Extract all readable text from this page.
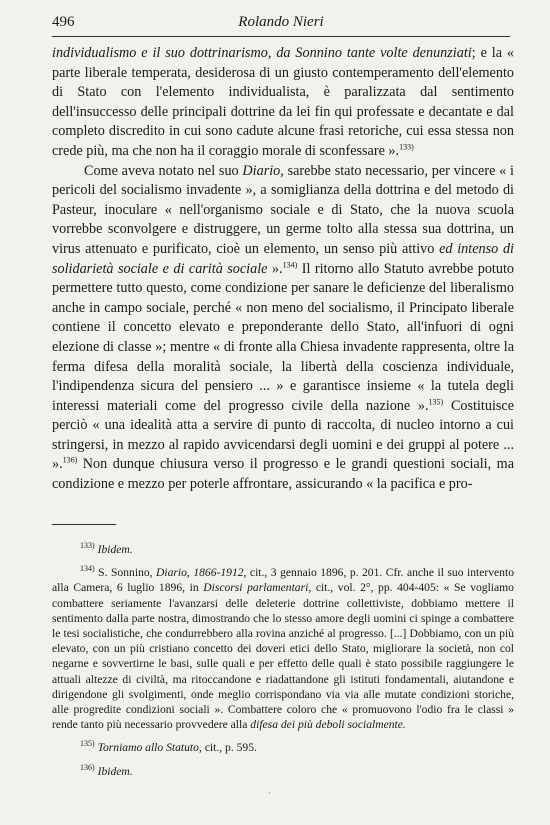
496	Rolando Nieri

individualismo e il suo dottrinarismo, da Sonnino tante volte denunziati; e la « parte liberale temperata, desiderosa di un giusto contemperamento dell'elemento di Stato con l'elemento individualista, è paralizzata dal sentimento dell'insuccesso delle principali dottrine da lei fin qui professate e decantate e dal completo discredito in cui sono cadute alcune frasi retoriche, cui essa stessa non crede più, ma che non ha il coraggio morale di sconfessare ».$^{133)}$

Come aveva notato nel suo Diario, sarebbe stato necessario, per vincere « i pericoli del socialismo invadente », a somiglianza della dottrina e del metodo di Pasteur, inoculare « nell'organismo sociale e di Stato, che la nuova scuola vorrebbe sconvolgere e distruggere, un germe tolto alla stessa sua dottrina, un virus attenuato e purificato, cioè un elemento, un senso più attivo ed intenso di solidarietà sociale e di carità sociale ».$^{134)}$ Il ritorno allo Statuto avrebbe potuto permettere tutto questo, come condizione per sanare le deficienze del liberalismo anche in campo sociale, perché « non meno del socialismo, il Principato liberale contiene il concetto elevato e preponderante dello Stato, all'infuori di ogni elezione di classe »; mentre « di fronte alla Chiesa invadente rappresenta, oltre la ferma difesa della moralità sociale, la libertà della coscienza individuale, l'indipendenza sicura del pensiero ... » e garantisce insieme « la tutela degli interessi materiali come del progresso civile della nazione ».$^{135)}$ Costituisce perciò « una idealità atta a servire di punto di raccolta, di nucleo intorno a cui stringersi, in mezzo al rapido avvicendarsi degli uomini e dei gruppi al potere ... ».$^{136)}$ Non dunque chiusura verso il progresso e le grandi questioni sociali, ma condizione e mezzo per poterle affrontare, assicurando « la pacifica e pro-

$^{133)}$ Ibidem.

$^{134)}$ S. Sonnino, Diario, 1866-1912, cit., 3 gennaio 1896, p. 201. Cfr. anche il suo intervento alla Camera, 6 luglio 1896, in Discorsi parlamentari, cit., vol. 2°, pp. 404-405: « Se vogliamo combattere seriamente l'avanzarsi delle deleterie dottrine collettiviste, dobbiamo mettere il sentimento dalla parte nostra, dimostrando che lo stesso amore degli uomini ci spinge a combattere le tesi socialistiche, che condurrebbero alla rovina anziché al progresso. [...] Dobbiamo, con un più elevato, con un più cristiano concetto dei doveri etici dello Stato, migliorare la società, non col negarne e sovvertirne le basi, sulle quali e per effetto delle quali è stato possibile raggiungere le attuali altezze di civiltà, ma ritoccandone e riadattandone gli istituti fondamentali, aiutandone e dirigendone gli svolgimenti, onde meglio corrispondano via via alle mutate condizioni storiche, alle progredite condizioni sociali ». Combattere coloro che « promuovono l'odio fra le classi » rende tanto più necessario provvedere alla difesa dei più deboli socialmente.

$^{135)}$ Torniamo allo Statuto, cit., p. 595.

$^{136)}$ Ibidem.

·
